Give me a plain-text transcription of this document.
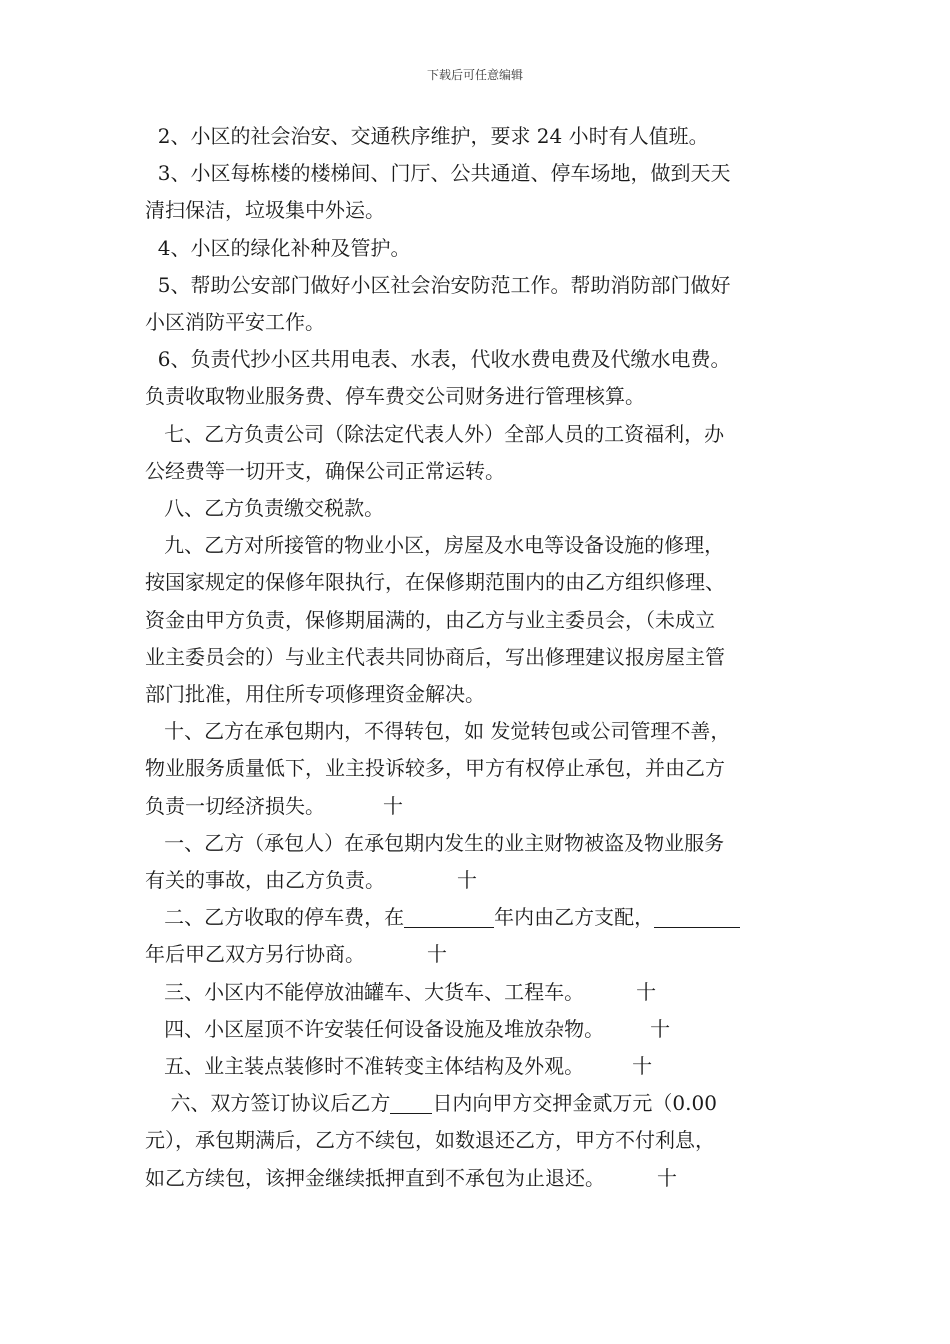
下载后可任意编辑
2、小区的社会治安、交通秩序维护，要求 24 小时有人值班。
3、小区每栋楼的楼梯间、门厅、公共通道、停车场地，做到天天
清扫保洁，垃圾集中外运。
4、小区的绿化补种及管护。
5、帮助公安部门做好小区社会治安防范工作。帮助消防部门做好
小区消防平安工作。
6、负责代抄小区共用电表、水表，代收水费电费及代缴水电费。
负责收取物业服务费、停车费交公司财务进行管理核算。
七、乙方负责公司（除法定代表人外）全部人员的工资福利，办
公经费等一切开支，确保公司正常运转。
八、乙方负责缴交税款。
九、乙方对所接管的物业小区，房屋及水电等设备设施的修理，
按国家规定的保修年限执行，在保修期范围内的由乙方组织修理、
资金由甲方负责，保修期届满的，由乙方与业主委员会，（未成立
业主委员会的）与业主代表共同协商后，写出修理建议报房屋主管
部门批准，用住所专项修理资金解决。
十、乙方在承包期内，不得转包，如 发觉转包或公司管理不善，
物业服务质量低下，业主投诉较多，甲方有权停止承包，并由乙方
负责一切经济损失。	十
一、乙方（承包人）在承包期内发生的业主财物被盗及物业服务
有关的事故，由乙方负责。	十
二、乙方收取的停车费，在	年内由乙方支配，
年后甲乙双方另行协商。	十
三、小区内不能停放油罐车、大货车、工程车。	十
四、小区屋顶不许安装任何设备设施及堆放杂物。 十
五、业主装点装修时不准转变主体结构及外观。 十
六、双方签订协议后乙方 日内向甲方交押金贰万元（0.00
元），承包期满后，乙方不续包，如数退还乙方，甲方不付利息，
如乙方续包，该押金继续抵押直到不承包为止退还。	十
